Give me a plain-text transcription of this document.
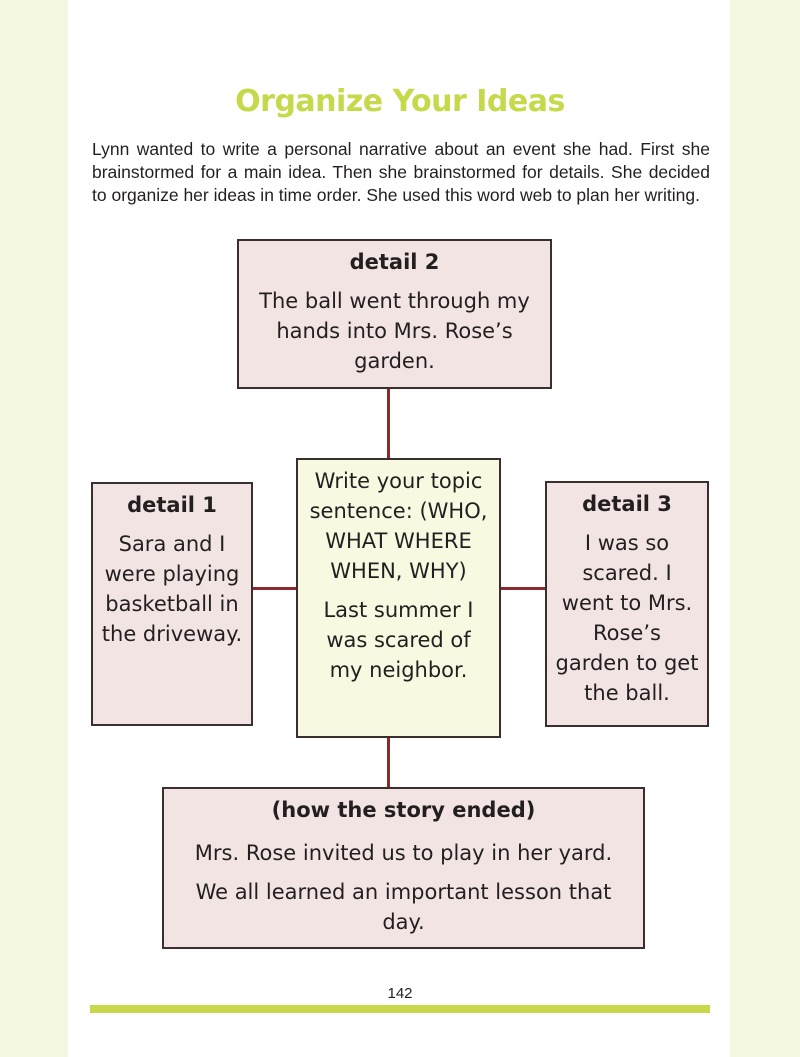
Organize Your Ideas

Lynn wanted to write a personal narrative about an event she had. First she brainstormed for a main idea. Then she brainstormed for details. She decided to organize her ideas in time order. She used this word web to plan her writing.

detail 2

The ball went through my hands into Mrs. Rose’s garden.

detail 1

Sara and I were playing basketball in the driveway.

Write your topic sentence: (WHO, WHAT WHERE WHEN, WHY)

Last summer I was scared of my neighbor.

detail 3

I was so scared. I went to Mrs. Rose’s garden to get the ball.

(how the story ended)

Mrs. Rose invited us to play in her yard.

We all learned an important lesson that day.

142
